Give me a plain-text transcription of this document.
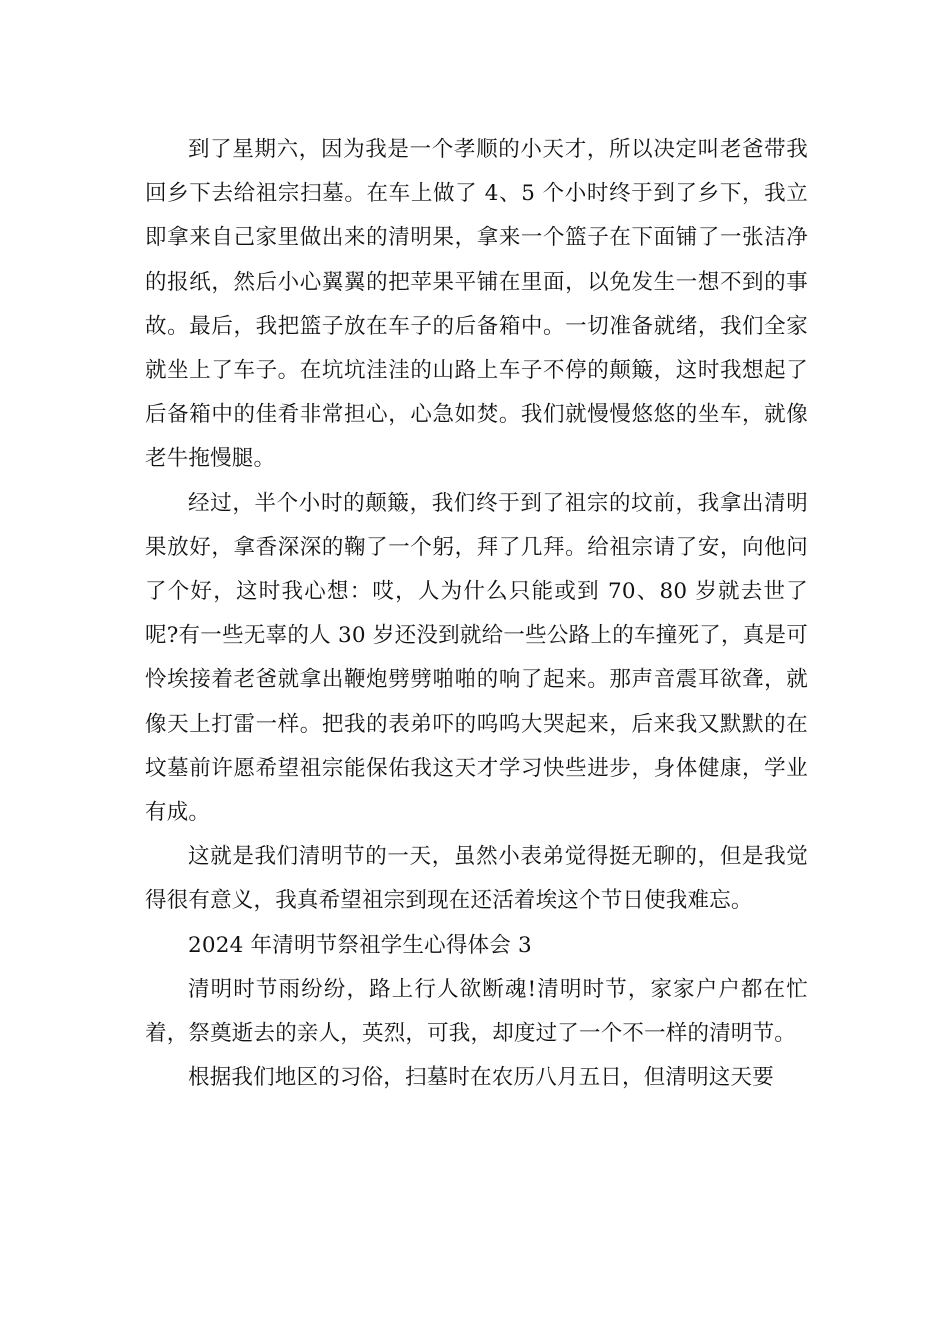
到了星期六，因为我是一个孝顺的小天才，所以决定叫老爸带我回乡下去给祖宗扫墓。在车上做了 4、5 个小时终于到了乡下，我立即拿来自己家里做出来的清明果，拿来一个篮子在下面铺了一张洁净的报纸，然后小心翼翼的把苹果平铺在里面，以免发生一想不到的事故。最后，我把篮子放在车子的后备箱中。一切准备就绪，我们全家就坐上了车子。在坑坑洼洼的山路上车子不停的颠簸，这时我想起了后备箱中的佳肴非常担心，心急如焚。我们就慢慢悠悠的坐车，就像老牛拖慢腿。

经过，半个小时的颠簸，我们终于到了祖宗的坟前，我拿出清明果放好，拿香深深的鞠了一个躬，拜了几拜。给祖宗请了安，向他问了个好，这时我心想：哎，人为什么只能或到 70、80 岁就去世了呢?有一些无辜的人 30 岁还没到就给一些公路上的车撞死了，真是可怜埃接着老爸就拿出鞭炮劈劈啪啪的响了起来。那声音震耳欲聋，就像天上打雷一样。把我的表弟吓的呜呜大哭起来，后来我又默默的在坟墓前许愿希望祖宗能保佑我这天才学习快些进步，身体健康，学业有成。

这就是我们清明节的一天，虽然小表弟觉得挺无聊的，但是我觉得很有意义，我真希望祖宗到现在还活着埃这个节日使我难忘。

2024 年清明节祭祖学生心得体会 3

清明时节雨纷纷，路上行人欲断魂!清明时节，家家户户都在忙着，祭奠逝去的亲人，英烈，可我，却度过了一个不一样的清明节。

根据我们地区的习俗，扫墓时在农历八月五日，但清明这天要
